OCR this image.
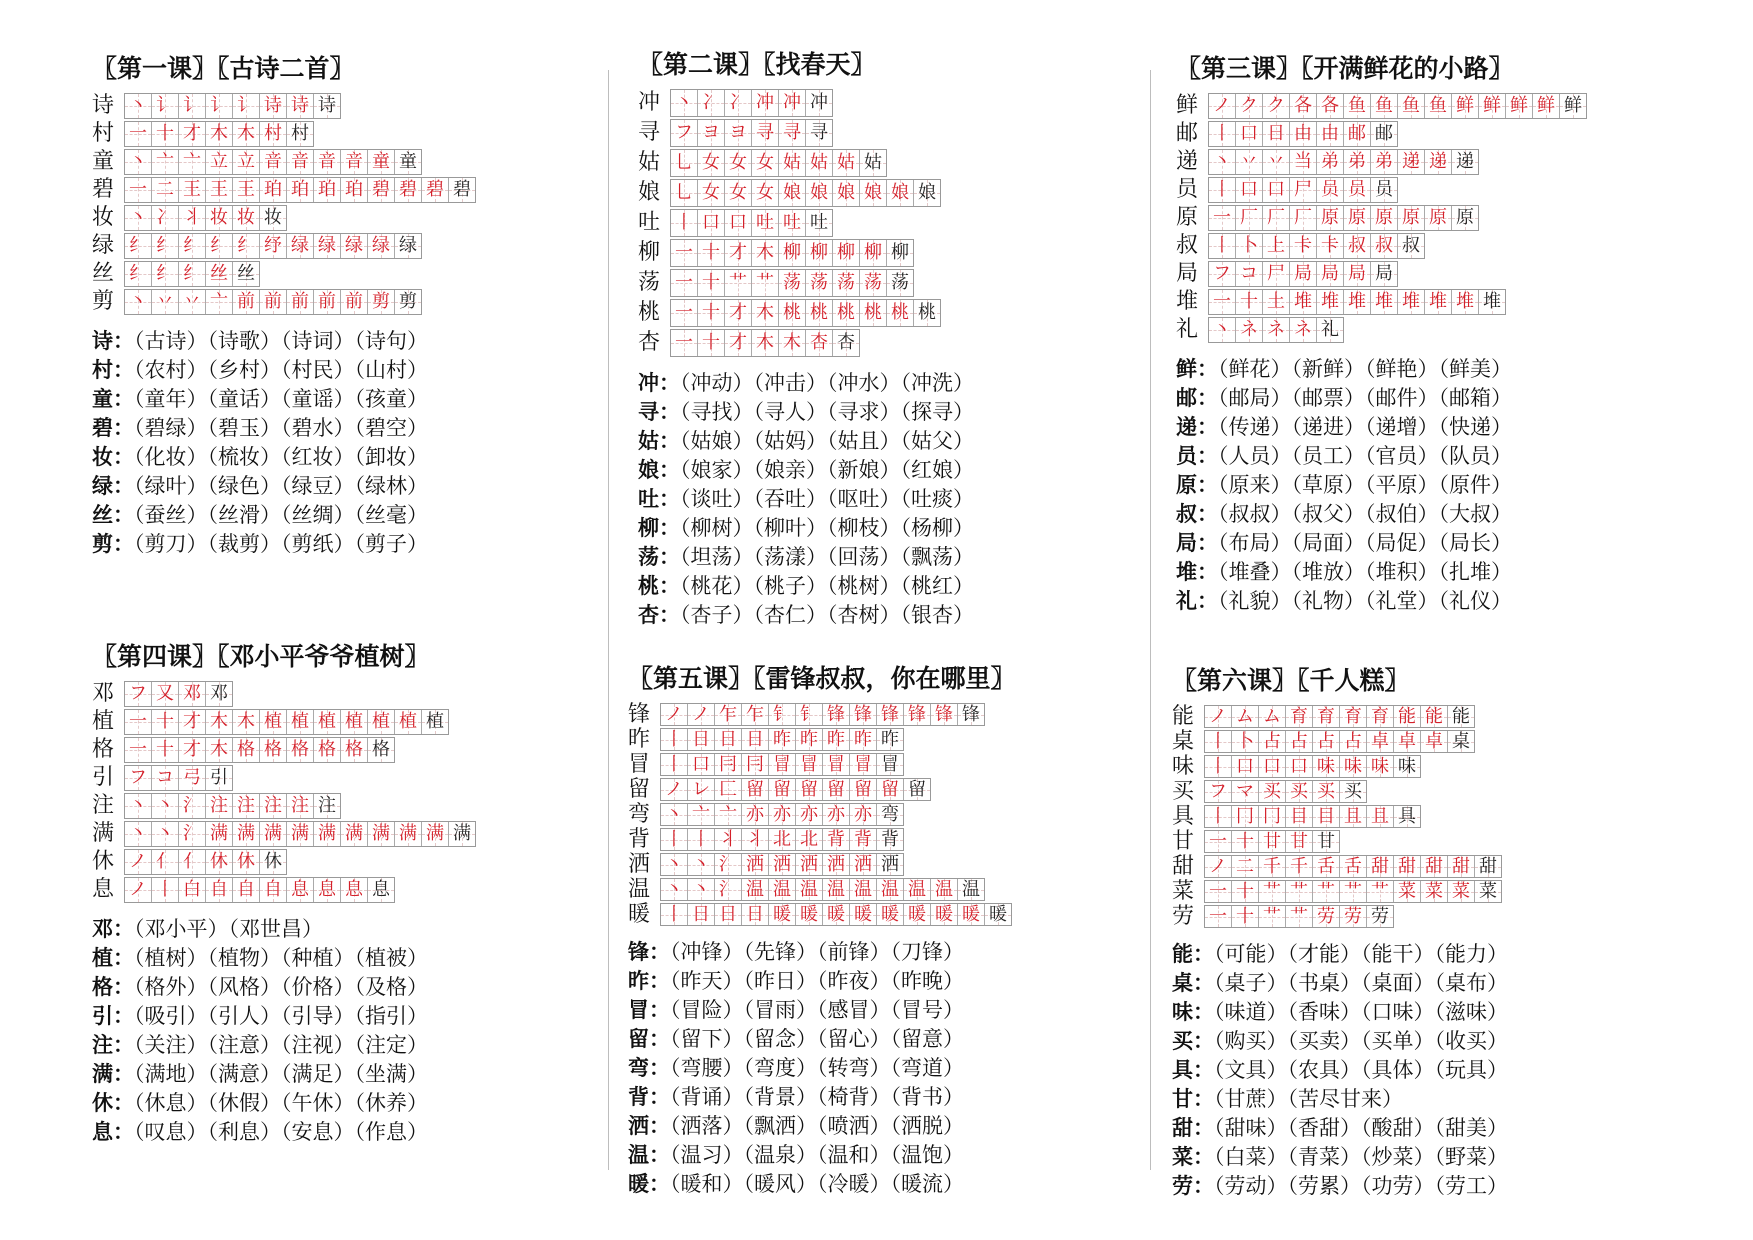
〖第一课〗〖古诗二首〗
诗 丶 讠 讠 讠 讠 诗 诗 诗
村 一 十 才 木 木 村 村
童 丶 亠 亠 立 立 音 音 音 音 童 童
碧 一 二 王 王 王 珀 珀 珀 珀 碧 碧 碧 碧
妆 丶 冫 丬 妆 妆 妆
绿 纟 纟 纟 纟 纟 纾 绿 绿 绿 绿 绿
丝 纟 纟 纟 丝 丝
剪 丶 丷 丷 亠 前 前 前 前 前 剪 剪
诗：（古诗）（诗歌）（诗词）（诗句）
村：（农村）（乡村）（村民）（山村）
童：（童年）（童话）（童谣）（孩童）
碧：（碧绿）（碧玉）（碧水）（碧空）
妆：（化妆）（梳妆）（红妆）（卸妆）
绿：（绿叶）（绿色）（绿豆）（绿林）
丝：（蚕丝）（丝滑）（丝绸）（丝毫）
剪：（剪刀）（裁剪）（剪纸）（剪子）
〖第二课〗〖找春天〗
冲 丶 冫 冫 冲 冲 冲
寻 フ ヨ ヨ 寻 寻 寻
姑 乚 女 女 女 姑 姑 姑 姑
娘 乚 女 女 女 娘 娘 娘 娘 娘 娘
吐 丨 口 口 吐 吐 吐
柳 一 十 才 木 柳 柳 柳 柳 柳
荡 一 十 艹 艹 荡 荡 荡 荡 荡
桃 一 十 才 木 桃 桃 桃 桃 桃 桃
杏 一 十 才 木 木 杏 杏
冲：（冲动）（冲击）（冲水）（冲洗）
寻：（寻找）（寻人）（寻求）（探寻）
姑：（姑娘）（姑妈）（姑且）（姑父）
娘：（娘家）（娘亲）（新娘）（红娘）
吐：（谈吐）（吞吐）（呕吐）（吐痰）
柳：（柳树）（柳叶）（柳枝）（杨柳）
荡：（坦荡）（荡漾）（回荡）（飘荡）
桃：（桃花）（桃子）（桃树）（桃红）
杏：（杏子）（杏仁）（杏树）（银杏）
〖第三课〗〖开满鲜花的小路〗
鲜 ノ ク ク 各 各 鱼 鱼 鱼 鱼 鲜 鲜 鲜 鲜 鲜
邮 丨 口 日 由 由 邮 邮
递 丶 丷 丷 当 弟 弟 弟 递 递 递
员 丨 口 口 尸 员 员 员
原 一 厂 厂 厂 原 原 原 原 原 原
叔 丨 卜 上 卡 卡 叔 叔 叔
局 フ コ 尸 局 局 局 局
堆 一 十 土 堆 堆 堆 堆 堆 堆 堆 堆
礼 丶 ネ ネ ネ 礼
鲜：（鲜花）（新鲜）（鲜艳）（鲜美）
邮：（邮局）（邮票）（邮件）（邮箱）
递：（传递）（递进）（递增）（快递）
员：（人员）（员工）（官员）（队员）
原：（原来）（草原）（平原）（原件）
叔：（叔叔）（叔父）（叔伯）（大叔）
局：（布局）（局面）（局促）（局长）
堆：（堆叠）（堆放）（堆积）（扎堆）
礼：（礼貌）（礼物）（礼堂）（礼仪）
〖第四课〗〖邓小平爷爷植树〗
邓 フ 又 邓 邓
植 一 十 才 木 木 植 植 植 植 植 植 植
格 一 十 才 木 格 格 格 格 格 格
引 フ コ 弓 引
注 丶 丶 氵 注 注 注 注 注
满 丶 丶 氵 满 满 满 满 满 满 满 满 满 满
休 ノ 亻 亻 休 休 休
息 ノ 丨 白 自 自 自 息 息 息 息
邓：（邓小平）（邓世昌）
植：（植树）（植物）（种植）（植被）
格：（格外）（风格）（价格）（及格）
引：（吸引）（引人）（引导）（指引）
注：（关注）（注意）（注视）（注定）
满：（满地）（满意）（满足）（坐满）
休：（休息）（休假）（午休）（休养）
息：（叹息）（利息）（安息）（作息）
〖第五课〗〖雷锋叔叔，你在哪里〗
锋 ノ ノ 乍 乍 钅 钅 锋 锋 锋 锋 锋 锋
昨 丨 日 日 日 昨 昨 昨 昨 昨
冒 丨 口 冃 冃 冒 冒 冒 冒 冒
留 ノ レ 匚 留 留 留 留 留 留 留
弯 丶 亠 亠 亦 亦 亦 亦 亦 弯
背 丨 丨 丬 丬 北 北 背 背 背
洒 丶 丶 氵 洒 洒 洒 洒 洒 洒
温 丶 丶 氵 温 温 温 温 温 温 温 温 温
暖 丨 日 日 日 暖 暖 暖 暖 暖 暖 暖 暖 暖
锋：（冲锋）（先锋）（前锋）（刀锋）
昨：（昨天）（昨日）（昨夜）（昨晚）
冒：（冒险）（冒雨）（感冒）（冒号）
留：（留下）（留念）（留心）（留意）
弯：（弯腰）（弯度）（转弯）（弯道）
背：（背诵）（背景）（椅背）（背书）
洒：（洒落）（飘洒）（喷洒）（洒脱）
温：（温习）（温泉）（温和）（温饱）
暖：（暖和）（暖风）（冷暖）（暖流）
〖第六课〗〖千人糕〗
能 ノ ム ム 育 育 育 育 能 能 能
桌 丨 卜 占 占 占 占 卓 卓 卓 桌
味 丨 口 口 口 味 味 味 味
买 フ マ 买 买 买 买
具 丨 冂 冂 目 目 且 且 具
甘 一 十 廿 甘 甘
甜 ノ 二 千 千 舌 舌 甜 甜 甜 甜 甜
菜 一 十 艹 艹 艹 艹 艹 菜 菜 菜 菜
劳 一 十 艹 艹 劳 劳 劳
能：（可能）（才能）（能干）（能力）
桌：（桌子）（书桌）（桌面）（桌布）
味：（味道）（香味）（口味）（滋味）
买：（购买）（买卖）（买单）（收买）
具：（文具）（农具）（具体）（玩具）
甘：（甘蔗）（苦尽甘来）
甜：（甜味）（香甜）（酸甜）（甜美）
菜：（白菜）（青菜）（炒菜）（野菜）
劳：（劳动）（劳累）（功劳）（劳工）
